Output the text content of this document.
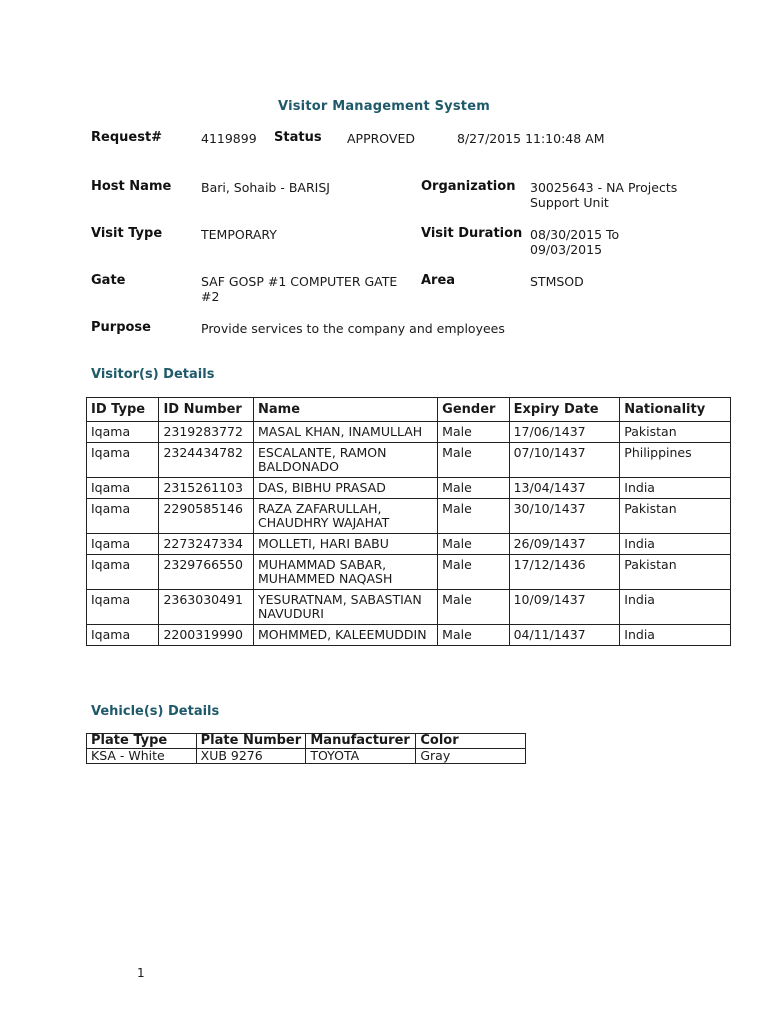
Visitor Management System
Request#	4119899 Status APPROVED	8/27/2015 11:10:48 AM
Host Name Bari, Sohaib - BARISJ	Organization 30025643 - NA Projects
Support Unit
Visit Type	TEMPORARY	Visit Duration 08/30/2015 To
09/03/2015
Gate	SAF GOSP #1 COMPUTER GATE
#2
Area	STMSOD
Purpose	Provide services to the company and employees
Visitor(s) Details
ID Type	ID Number	Name	Gender	Expiry Date	Nationality
Iqama	2319283772	MASAL KHAN, INAMULLAH	Male	17/06/1437	Pakistan
Iqama	2324434782	ESCALANTE, RAMON BALDONADO	Male	07/10/1437	Philippines
Iqama	2315261103	DAS, BIBHU PRASAD	Male	13/04/1437	India
Iqama	2290585146	RAZA ZAFARULLAH, CHAUDHRY WAJAHAT	Male	30/10/1437	Pakistan
Iqama	2273247334	MOLLETI, HARI BABU	Male	26/09/1437	India
Iqama	2329766550	MUHAMMAD SABAR, MUHAMMED NAQASH	Male	17/12/1436	Pakistan
Iqama	2363030491	YESURATNAM, SABASTIAN NAVUDURI	Male	10/09/1437	India
Iqama	2200319990	MOHMMED, KALEEMUDDIN	Male	04/11/1437	India
Vehicle(s) Details
Plate Type	Plate Number	Manufacturer	Color
KSA - White	XUB 9276	TOYOTA	Gray
1
